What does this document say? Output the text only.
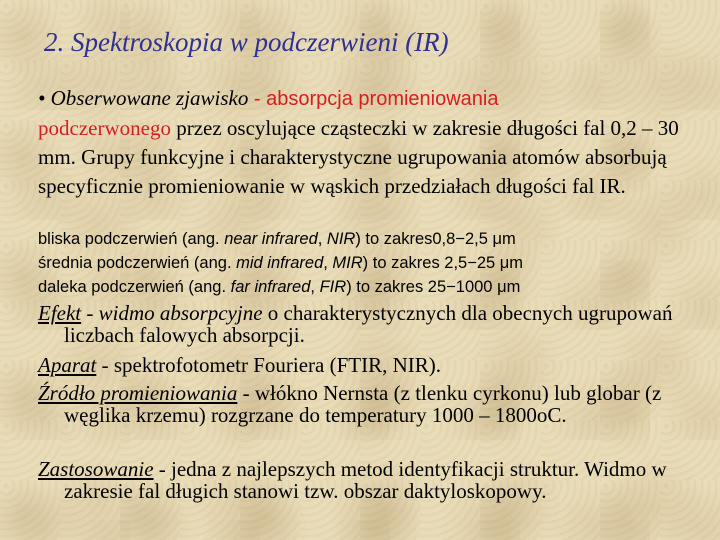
2. Spektroskopia w podczerwieni (IR)
• Obserwowane zjawisko - absorpcja promieniowania
podczerwonego przez oscylujące cząsteczki w zakresie długości fal 0,2 – 30 mm. Grupy funkcyjne i charakterystyczne ugrupowania atomów absorbują specyficznie promieniowanie w wąskich przedziałach długości fal IR.
bliska podczerwień (ang. near infrared, NIR) to zakres0,8−2,5 μm
średnia podczerwień (ang. mid infrared, MIR) to zakres 2,5−25 μm
daleka podczerwień (ang. far infrared, FIR) to zakres 25−1000 μm
Efekt - widmo absorpcyjne o charakterystycznych dla obecnych ugrupowań liczbach falowych absorpcji.
Aparat - spektrofotometr Fouriera (FTIR, NIR).
Źródło promieniowania - włókno Nernsta (z tlenku cyrkonu) lub globar (z węglika krzemu) rozgrzane do temperatury 1000 – 1800oC.
Zastosowanie - jedna z najlepszych metod identyfikacji struktur. Widmo w zakresie fal długich stanowi tzw. obszar daktyloskopowy.
